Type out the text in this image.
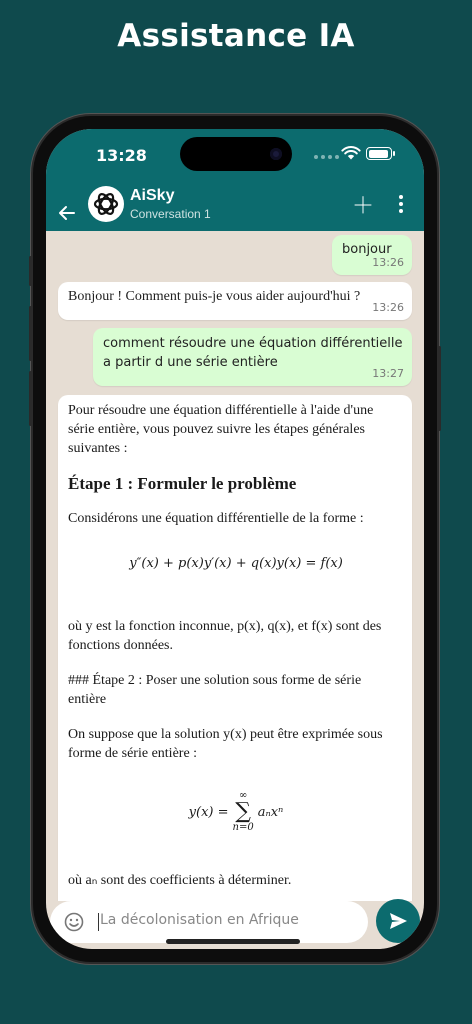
Assistance IA
13:28
AiSky
Conversation 1	＋
bonjour
13:26
Bonjour ! Comment puis-je vous aider aujourd'hui ?
13:26
comment résoudre une équation différentielle
a partir d une série entière
13:27

Pour résoudre une équation différentielle à l'aide d'une

série entière, vous pouvez suivre les étapes générales

suivantes :

Étape 1 : Formuler le problème

Considérons une équation différentielle de la forme :

y″(x) + p(x)y′(x) + q(x)y(x) = f(x)

où y est la fonction inconnue, p(x), q(x), et f(x) sont des

fonctions données.

### Étape 2 : Poser une solution sous forme de série

entière

On suppose que la solution y(x) peut être exprimée sous

forme de série entière :

y(x) =
∞
∑
n=0
aₙxⁿ

où aₙ sont des coefficients à déterminer.

La décolonisation en Afrique
